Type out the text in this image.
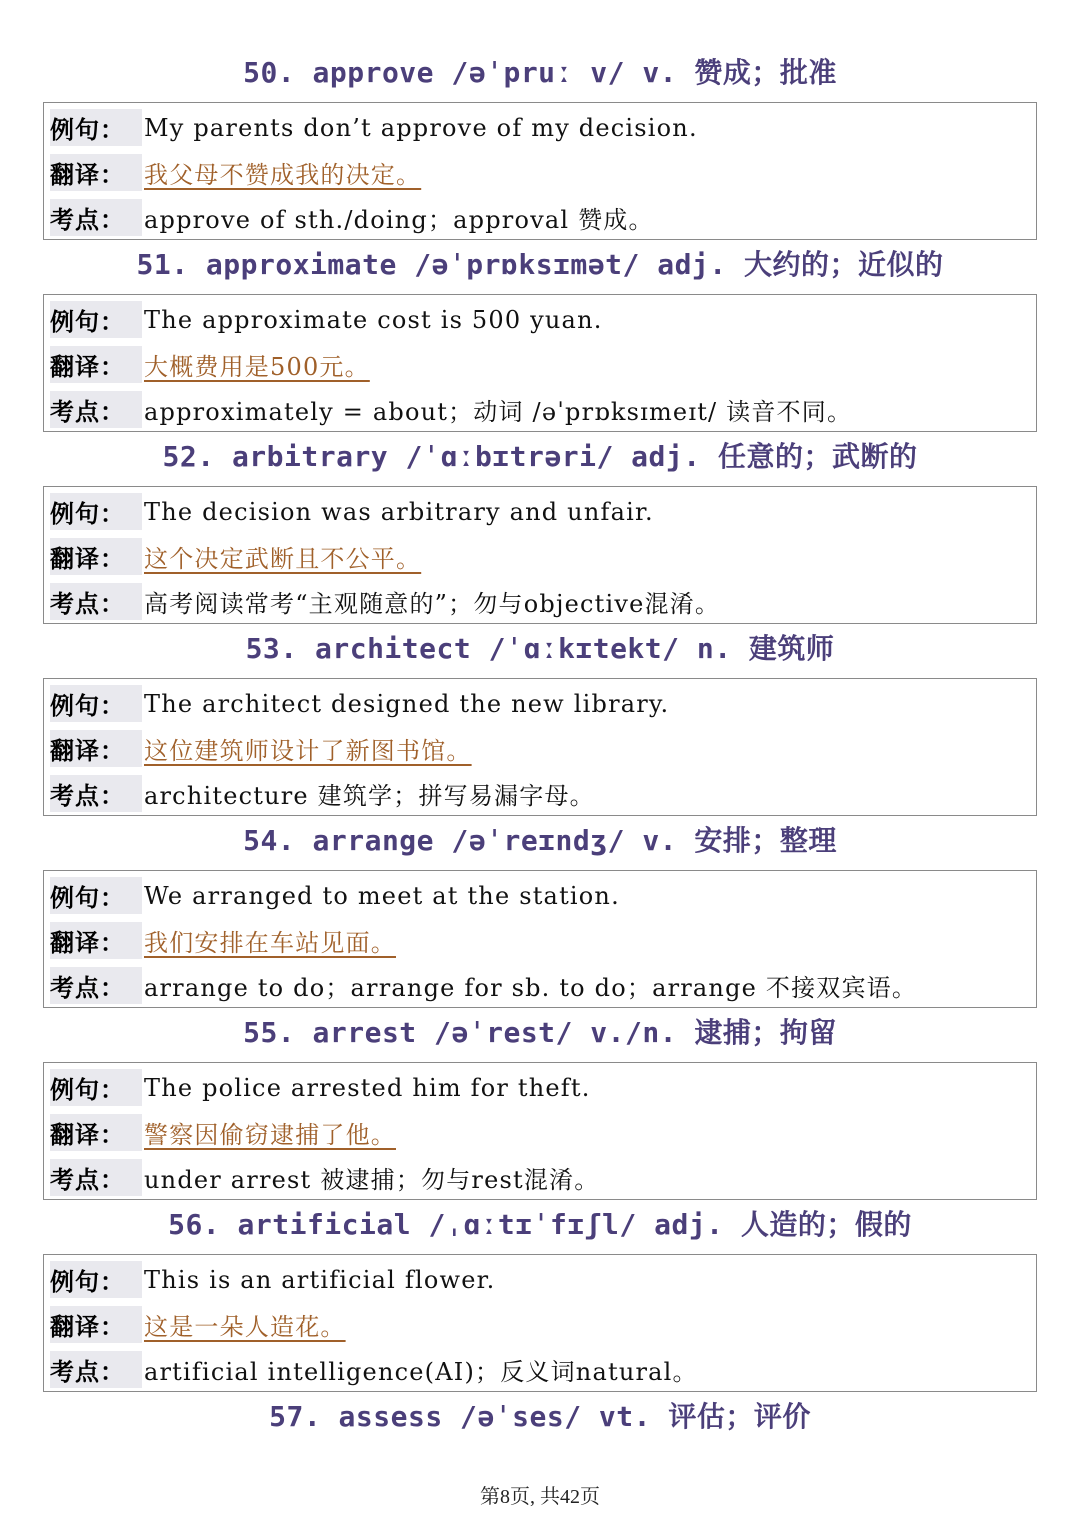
50. approve /əˈpruː v/ v. 赞成；批准
例句： My parents don’t approve of my decision.
翻译： 我父母不赞成我的决定。
考点： approve of sth./doing；approval 赞成。
51. approximate /əˈprɒksɪmət/ adj. 大约的；近似的
例句： The approximate cost is 500 yuan.
翻译： 大概费用是500元。
考点： approximately = about；动词 /əˈprɒksɪmeɪt/ 读音不同。
52. arbitrary /ˈɑːbɪtrəri/ adj. 任意的；武断的
例句： The decision was arbitrary and unfair.
翻译： 这个决定武断且不公平。
考点： 高考阅读常考“主观随意的”；勿与objective混淆。
53. architect /ˈɑːkɪtekt/ n. 建筑师
例句： The architect designed the new library.
翻译： 这位建筑师设计了新图书馆。
考点： architecture 建筑学；拼写易漏字母。
54. arrange /əˈreɪndʒ/ v. 安排；整理
例句： We arranged to meet at the station.
翻译： 我们安排在车站见面。
考点： arrange to do；arrange for sb. to do；arrange 不接双宾语。
55. arrest /əˈrest/ v./n. 逮捕；拘留
例句： The police arrested him for theft.
翻译： 警察因偷窃逮捕了他。
考点： under arrest 被逮捕；勿与rest混淆。
56. artificial /ˌɑːtɪˈfɪʃl/ adj. 人造的；假的
例句： This is an artificial flower.
翻译： 这是一朵人造花。
考点： artificial intelligence(AI)；反义词natural。
57. assess /əˈses/ vt. 评估；评价
第8页, 共42页
